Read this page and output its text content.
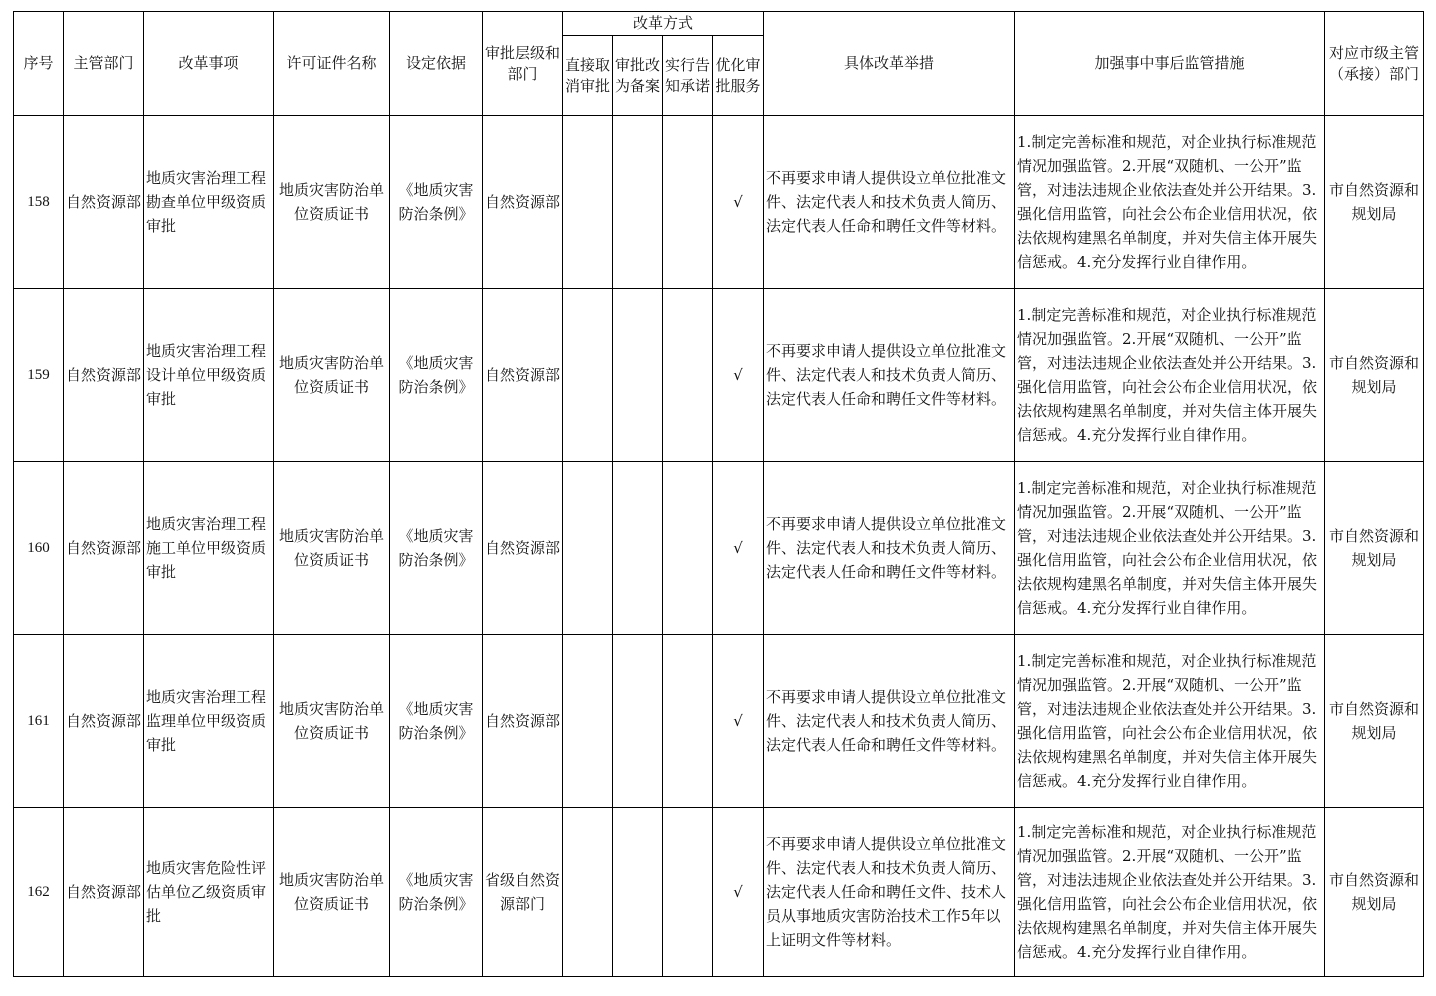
序号	主管部门	改革事项	许可证件名称	设定依据	审批层级和部门	改革方式				具体改革举措	加强事中事后监管措施	对应市级主管（承接）部门
						直接取消审批	审批改为备案	实行告知承诺	优化审批服务			
158	自然资源部	地质灾害治理工程勘查单位甲级资质审批	地质灾害防治单位资质证书	《地质灾害防治条例》	自然资源部				√	不再要求申请人提供设立单位批准文件、法定代表人和技术负责人简历、法定代表人任命和聘任文件等材料。	1.制定完善标准和规范，对企业执行标准规范情况加强监管。2.开展“双随机、一公开”监管，对违法违规企业依法查处并公开结果。3.强化信用监管，向社会公布企业信用状况，依法依规构建黑名单制度，并对失信主体开展失信惩戒。4.充分发挥行业自律作用。	市自然资源和规划局
159	自然资源部	地质灾害治理工程设计单位甲级资质审批	地质灾害防治单位资质证书	《地质灾害防治条例》	自然资源部				√	不再要求申请人提供设立单位批准文件、法定代表人和技术负责人简历、法定代表人任命和聘任文件等材料。	1.制定完善标准和规范，对企业执行标准规范情况加强监管。2.开展“双随机、一公开”监管，对违法违规企业依法查处并公开结果。3.强化信用监管，向社会公布企业信用状况，依法依规构建黑名单制度，并对失信主体开展失信惩戒。4.充分发挥行业自律作用。	市自然资源和规划局
160	自然资源部	地质灾害治理工程施工单位甲级资质审批	地质灾害防治单位资质证书	《地质灾害防治条例》	自然资源部				√	不再要求申请人提供设立单位批准文件、法定代表人和技术负责人简历、法定代表人任命和聘任文件等材料。	1.制定完善标准和规范，对企业执行标准规范情况加强监管。2.开展“双随机、一公开”监管，对违法违规企业依法查处并公开结果。3.强化信用监管，向社会公布企业信用状况，依法依规构建黑名单制度，并对失信主体开展失信惩戒。4.充分发挥行业自律作用。	市自然资源和规划局
161	自然资源部	地质灾害治理工程监理单位甲级资质审批	地质灾害防治单位资质证书	《地质灾害防治条例》	自然资源部				√	不再要求申请人提供设立单位批准文件、法定代表人和技术负责人简历、法定代表人任命和聘任文件等材料。	1.制定完善标准和规范，对企业执行标准规范情况加强监管。2.开展“双随机、一公开”监管，对违法违规企业依法查处并公开结果。3.强化信用监管，向社会公布企业信用状况，依法依规构建黑名单制度，并对失信主体开展失信惩戒。4.充分发挥行业自律作用。	市自然资源和规划局
162	自然资源部	地质灾害危险性评估单位乙级资质审批	地质灾害防治单位资质证书	《地质灾害防治条例》	省级自然资源部门				√	不再要求申请人提供设立单位批准文件、法定代表人和技术负责人简历、法定代表人任命和聘任文件、技术人员从事地质灾害防治技术工作5年以上证明文件等材料。	1.制定完善标准和规范，对企业执行标准规范情况加强监管。2.开展“双随机、一公开”监管，对违法违规企业依法查处并公开结果。3.强化信用监管，向社会公布企业信用状况，依法依规构建黑名单制度，并对失信主体开展失信惩戒。4.充分发挥行业自律作用。	市自然资源和规划局
